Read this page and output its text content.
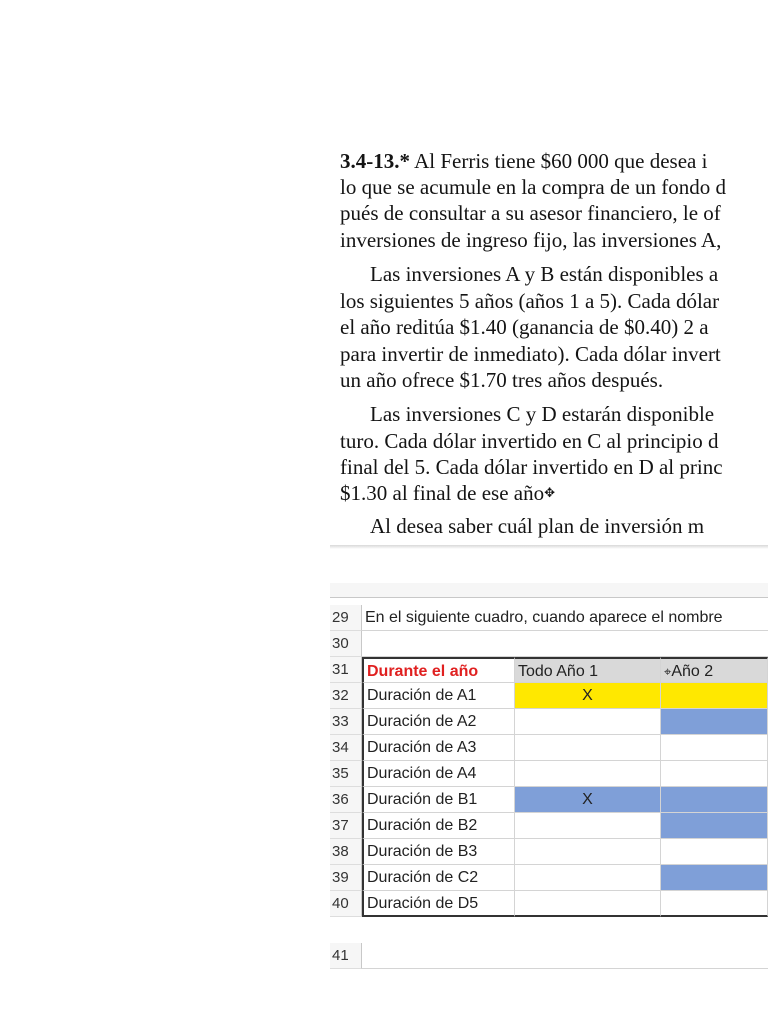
3.4-13.* Al Ferris tiene $60 000 que desea i
lo que se acumule en la compra de un fondo d
pués de consultar a su asesor financiero, le of
inversiones de ingreso fijo, las inversiones A,
Las inversiones A y B están disponibles a
los siguientes 5 años (años 1 a 5). Cada dólar
el año reditúa $1.40 (ganancia de $0.40) 2 a
para invertir de inmediato). Cada dólar invert
un año ofrece $1.70 tres años después.
Las inversiones C y D estarán disponible
turo. Cada dólar invertido en C al principio d
final del 5. Cada dólar invertido en D al princ
$1.30 al final de ese año✥
Al desea saber cuál plan de inversión m
29	En el siguiente cuadro, cuando aparece el nombre
30
31	Durante el año	Todo Año 1	⌖Año 2
32	Duración de A1	X
33	Duración de A2
34	Duración de A3
35	Duración de A4
36	Duración de B1	X
37	Duración de B2
38	Duración de B3
39	Duración de C2
40	Duración de D5
41
